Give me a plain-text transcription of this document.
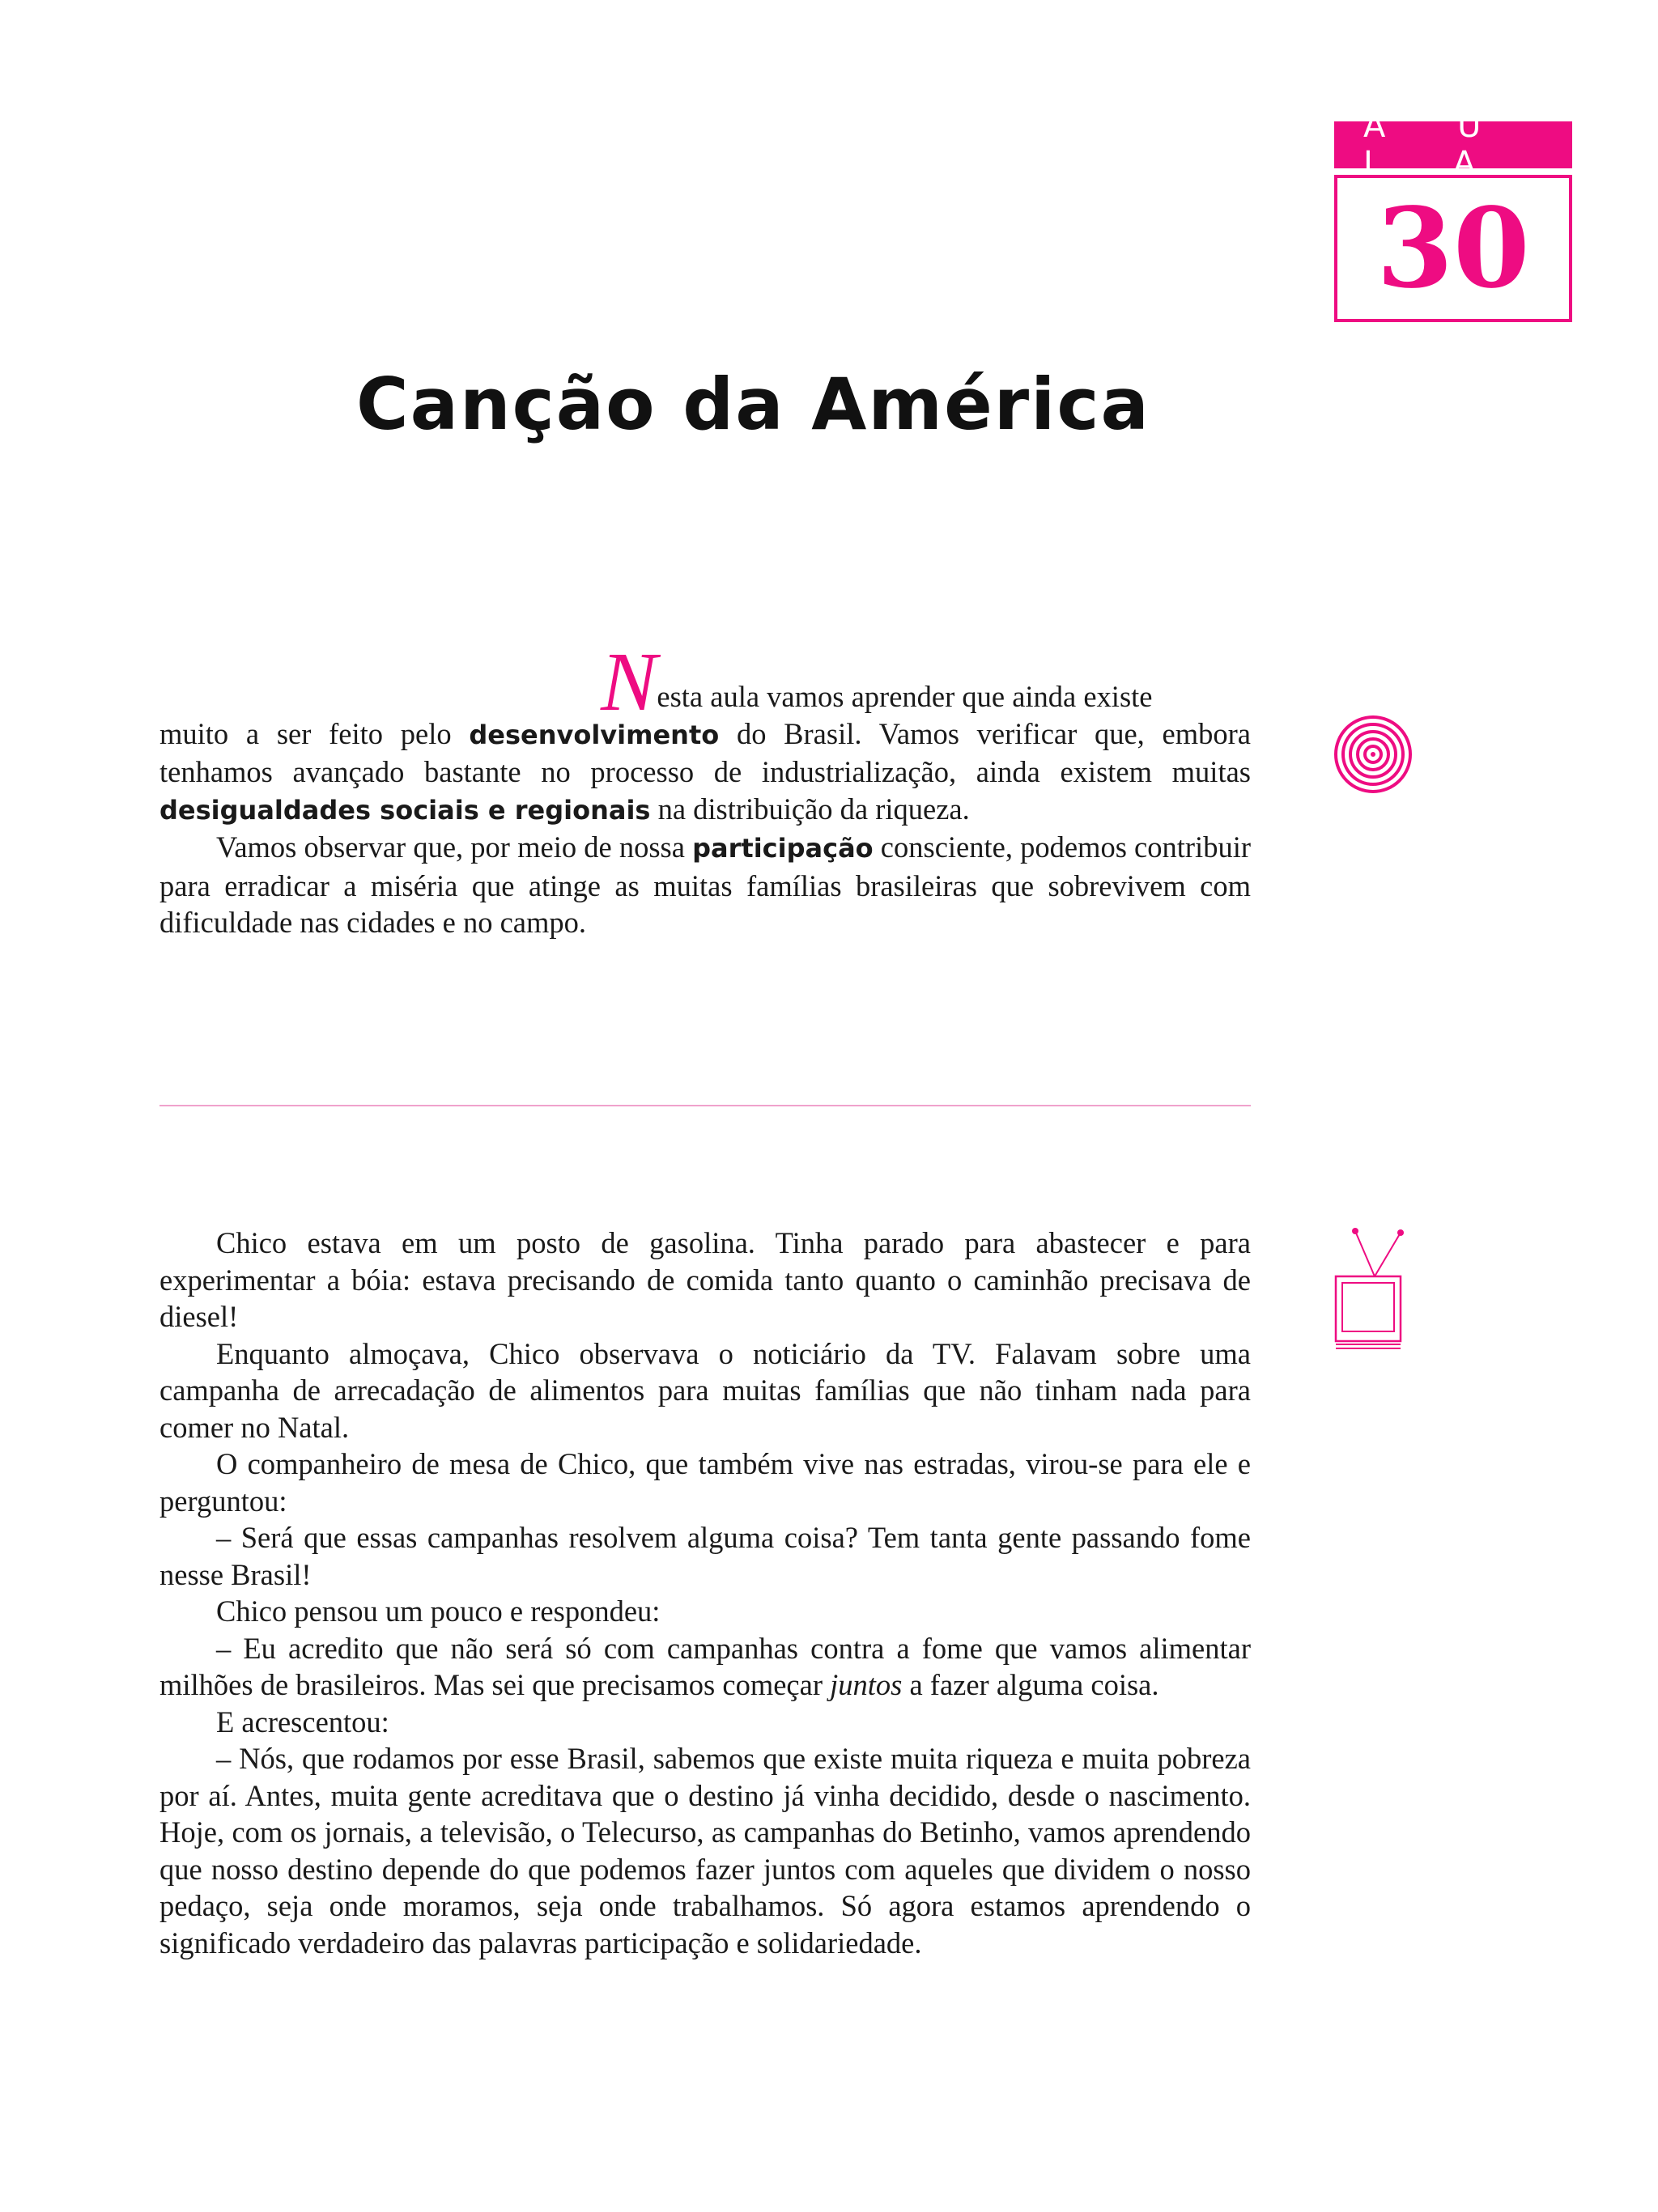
A U L A
30
Canção da América

Nesta aula vamos aprender que ainda existe

muito a ser feito pelo desenvolvimento do Brasil. Vamos verificar que, embora tenhamos avançado bastante no processo de industrialização, ainda existem muitas desigualdades sociais e regionais na distribuição da riqueza.

Vamos observar que, por meio de nossa participação consciente, podemos contribuir para erradicar a miséria que atinge as muitas famílias brasileiras que sobrevivem com dificuldade nas cidades e no campo.

Chico estava em um posto de gasolina. Tinha parado para abastecer e para experimentar a bóia: estava precisando de comida tanto quanto o caminhão precisava de diesel!

Enquanto almoçava, Chico observava o noticiário da TV. Falavam sobre uma campanha de arrecadação de alimentos para muitas famílias que não tinham nada para comer no Natal.

O companheiro de mesa de Chico, que também vive nas estradas, virou-se para ele e perguntou:

– Será que essas campanhas resolvem alguma coisa? Tem tanta gente passando fome nesse Brasil!

Chico pensou um pouco e respondeu:

– Eu acredito que não será só com campanhas contra a fome que vamos alimentar milhões de brasileiros. Mas sei que precisamos começar juntos a fazer alguma coisa.

E acrescentou:

– Nós, que rodamos por esse Brasil, sabemos que existe muita riqueza e muita pobreza por aí. Antes, muita gente acreditava que o destino já vinha decidido, desde o nascimento. Hoje, com os jornais, a televisão, o Telecurso, as campanhas do Betinho, vamos aprendendo que nosso destino depende do que podemos fazer juntos com aqueles que dividem o nosso pedaço, seja onde moramos, seja onde trabalhamos. Só agora estamos aprendendo o significado verdadeiro das palavras participação e solidariedade.
